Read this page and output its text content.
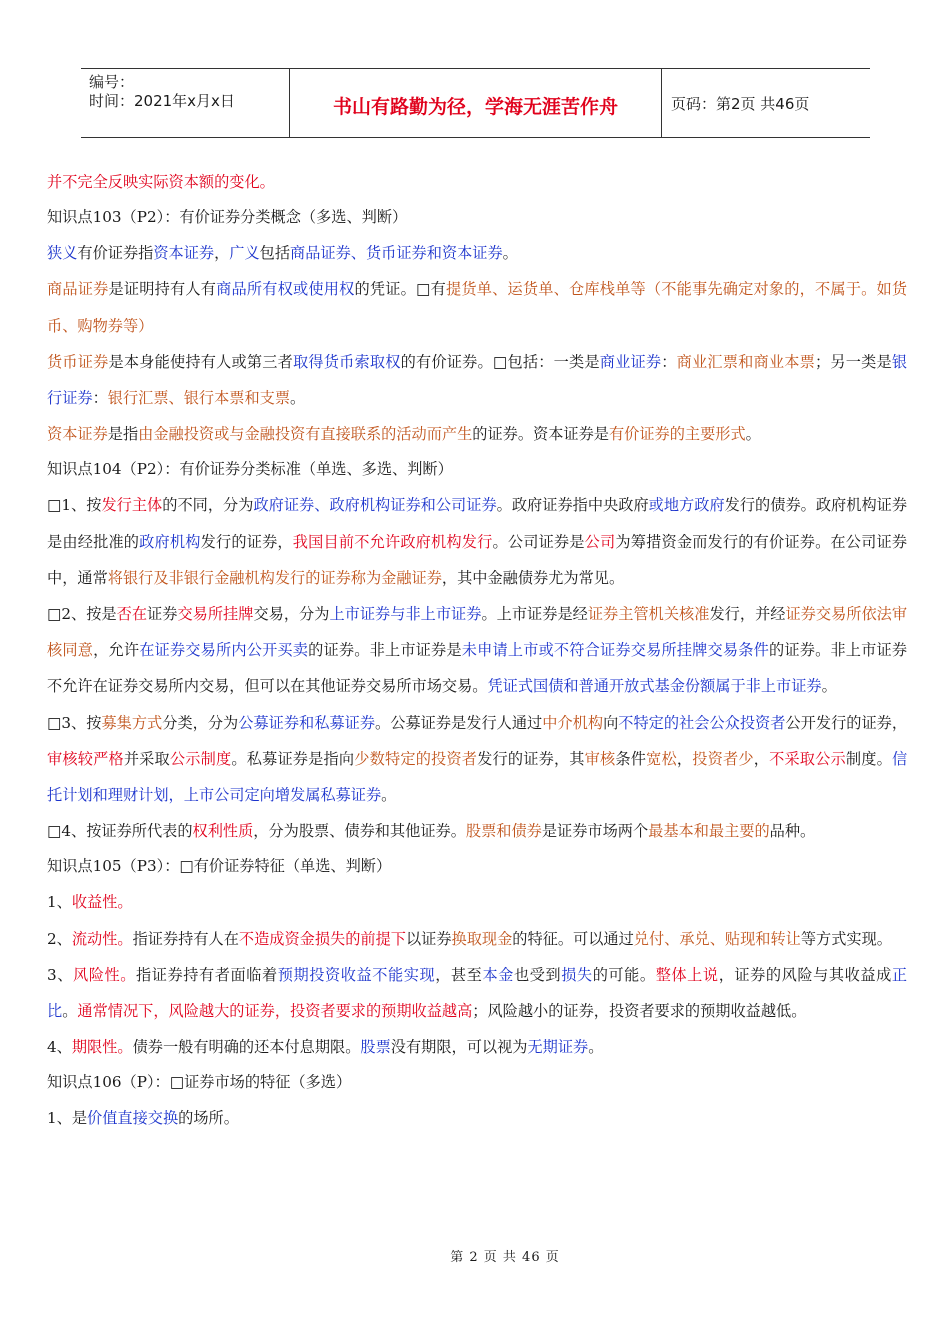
编号：
时间：2021年x月x日	书山有路勤为径，学海无涯苦作舟	页码：第2页 共46页

并不完全反映实际资本额的变化。

知识点103（P2）：有价证券分类概念（多选、判断）

狭义有价证券指资本证券，广义包括商品证券、货币证券和资本证券。

商品证券是证明持有人有商品所有权或使用权的凭证。□有提货单、运货单、仓库栈单等（不能事先确定对象的，不属于。如货币、购物券等）

货币证券是本身能使持有人或第三者取得货币索取权的有价证券。□包括：一类是商业证券：商业汇票和商业本票；另一类是银行证券：银行汇票、银行本票和支票。

资本证券是指由金融投资或与金融投资有直接联系的活动而产生的证券。资本证券是有价证券的主要形式。

知识点104（P2）：有价证券分类标准（单选、多选、判断）

□1、按发行主体的不同，分为政府证券、政府机构证券和公司证券。政府证券指中央政府或地方政府发行的债券。政府机构证券是由经批准的政府机构发行的证券，我国目前不允许政府机构发行。公司证券是公司为筹措资金而发行的有价证券。在公司证券中，通常将银行及非银行金融机构发行的证券称为金融证券，其中金融债券尤为常见。

□2、按是否在证券交易所挂牌交易，分为上市证券与非上市证券。上市证券是经证券主管机关核准发行，并经证券交易所依法审核同意，允许在证券交易所内公开买卖的证券。非上市证券是未申请上市或不符合证券交易所挂牌交易条件的证券。非上市证券不允许在证券交易所内交易，但可以在其他证券交易所市场交易。凭证式国债和普通开放式基金份额属于非上市证券。

□3、按募集方式分类，分为公募证券和私募证券。公募证券是发行人通过中介机构向不特定的社会公众投资者公开发行的证券，审核较严格并采取公示制度。私募证券是指向少数特定的投资者发行的证券，其审核条件宽松，投资者少，不采取公示制度。信托计划和理财计划，上市公司定向增发属私募证券。

□4、按证券所代表的权利性质，分为股票、债券和其他证券。股票和债券是证券市场两个最基本和最主要的品种。

知识点105（P3）：□有价证券特征（单选、判断）

1、收益性。

2、流动性。指证券持有人在不造成资金损失的前提下以证券换取现金的特征。可以通过兑付、承兑、贴现和转让等方式实现。

3、风险性。指证券持有者面临着预期投资收益不能实现，甚至本金也受到损失的可能。整体上说，证券的风险与其收益成正比。通常情况下，风险越大的证券，投资者要求的预期收益越高；风险越小的证券，投资者要求的预期收益越低。

4、期限性。债券一般有明确的还本付息期限。股票没有期限，可以视为无期证券。

知识点106（P）：□证券市场的特征（多选）

1、是价值直接交换的场所。

第 2 页 共 46 页
